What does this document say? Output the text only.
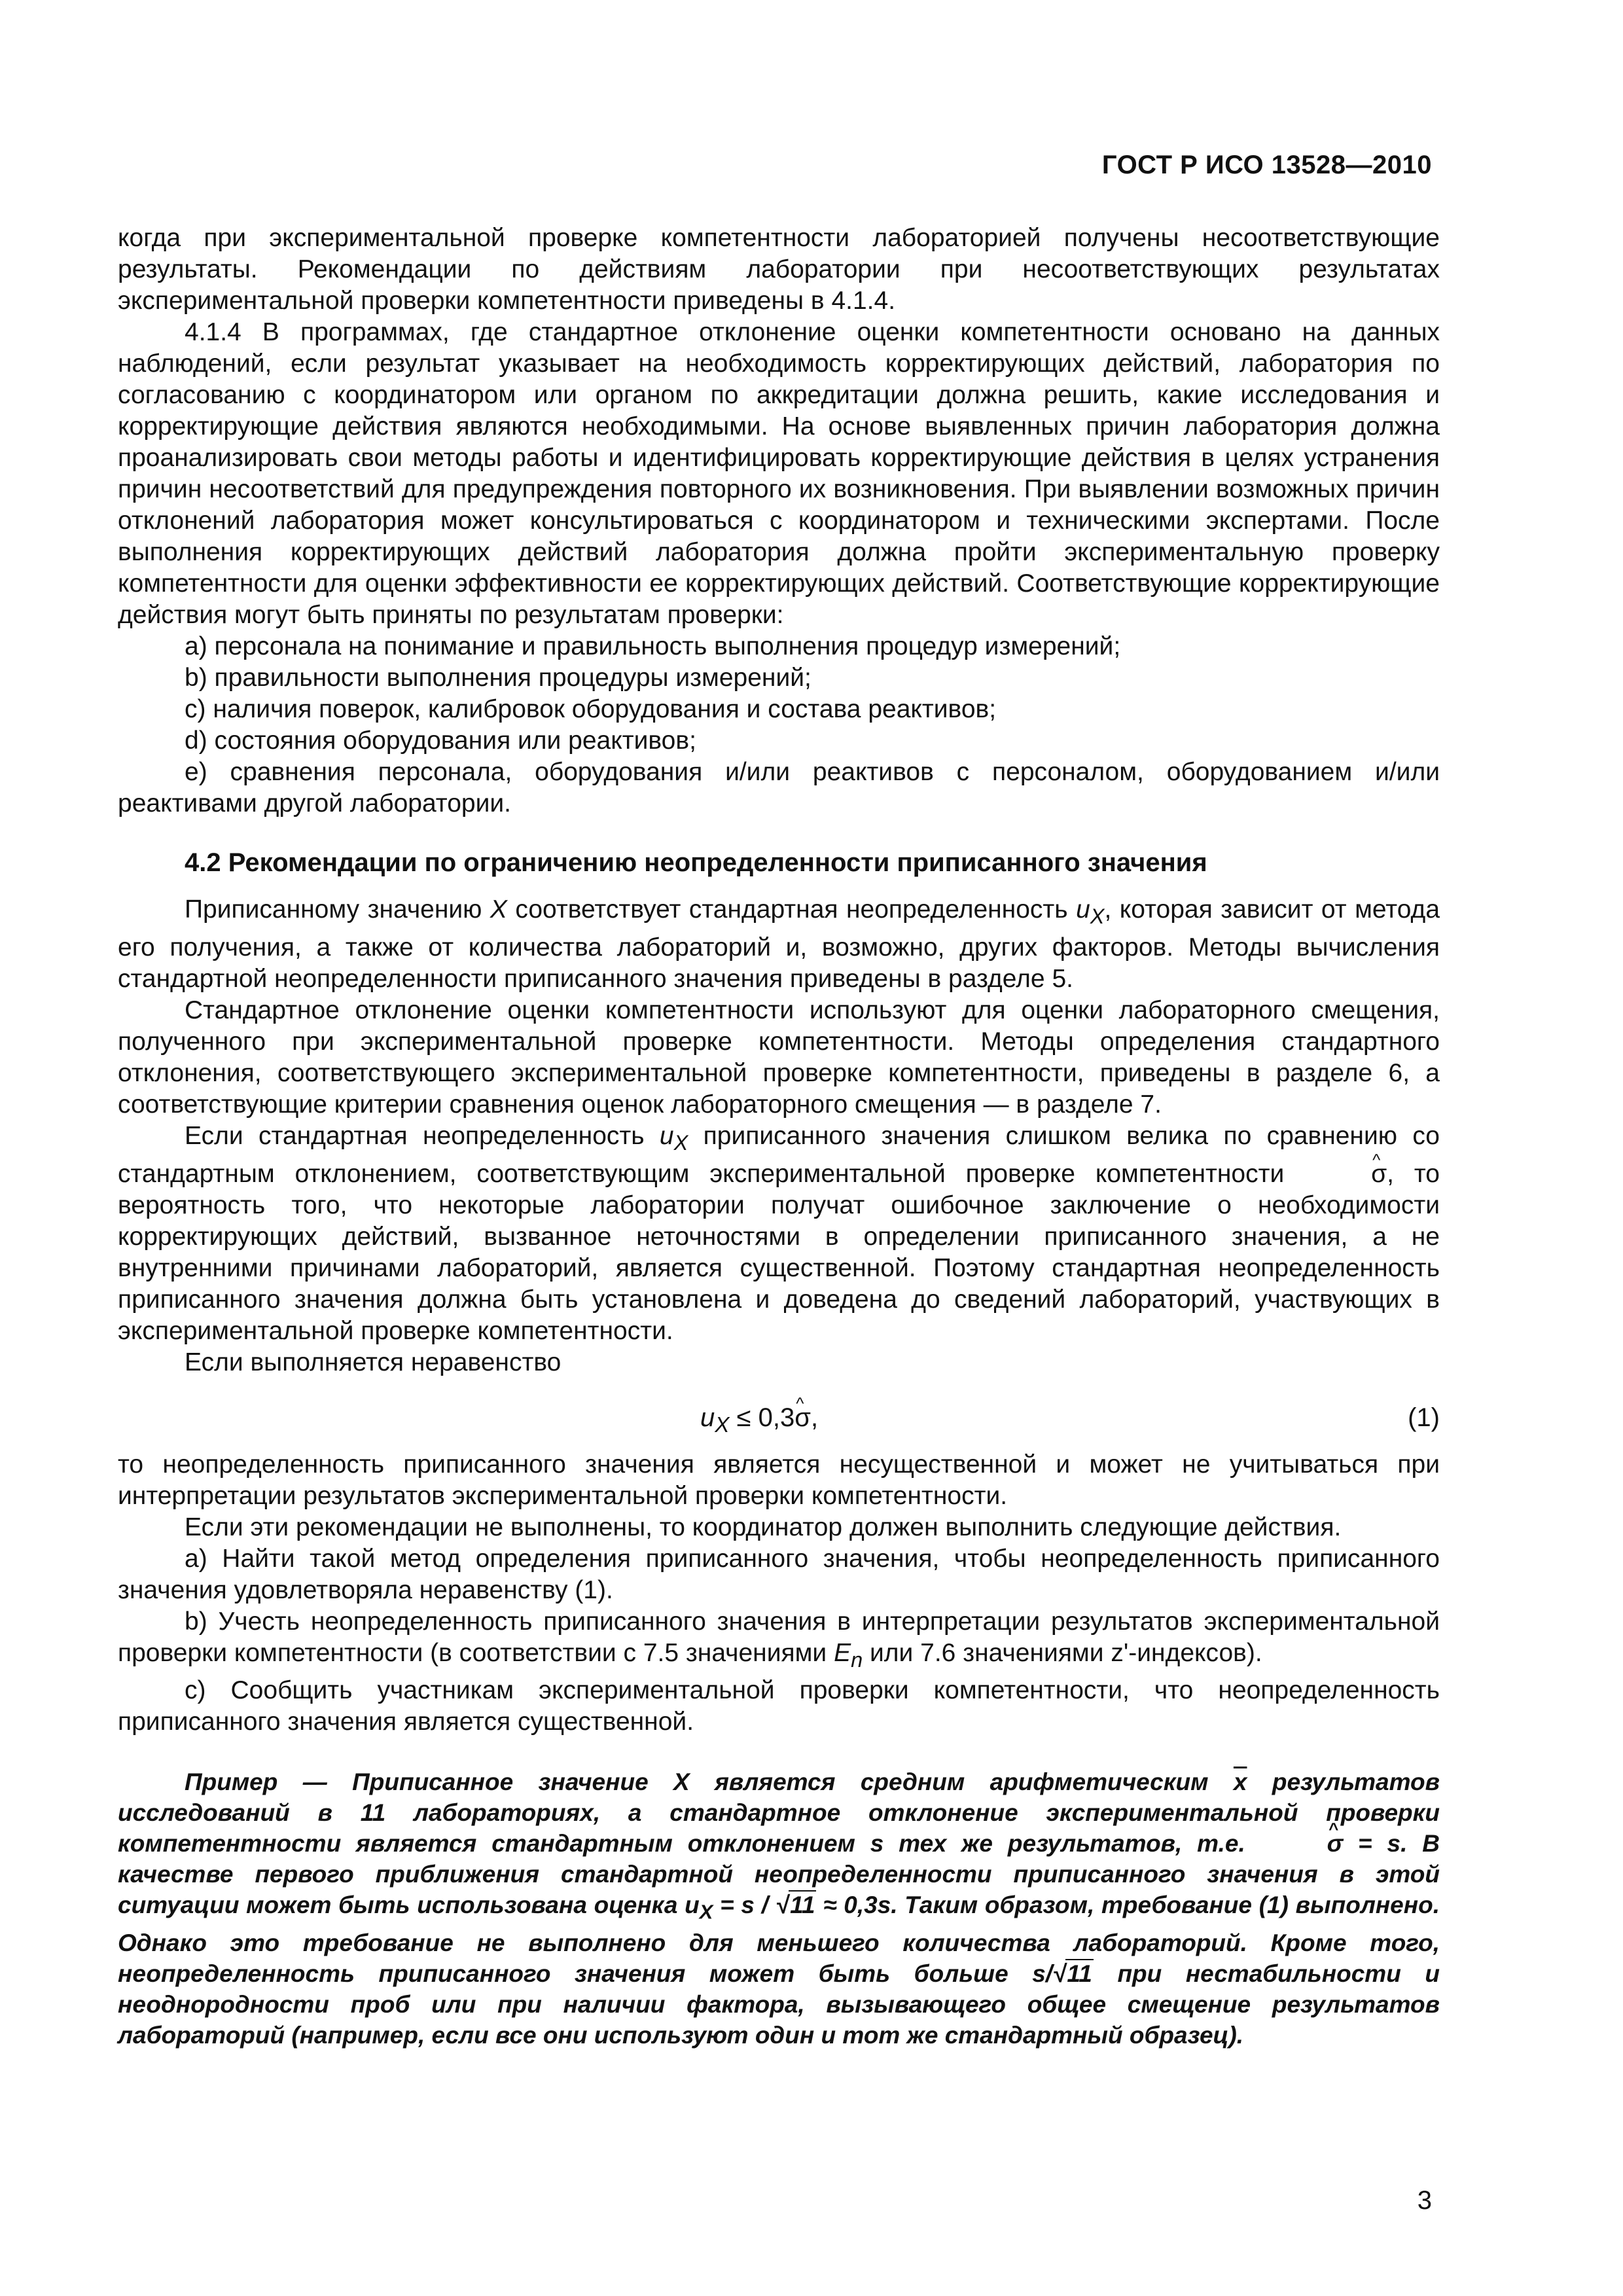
ГОСТ Р ИСО 13528—2010

когда при экспериментальной проверке компетентности лабораторией получены несоответствующие результаты. Рекомендации по действиям лаборатории при несоответствующих результатах экспериментальной проверки компетентности приведены в 4.1.4.

4.1.4 В программах, где стандартное отклонение оценки компетентности основано на данных наблюдений, если результат указывает на необходимость корректирующих действий, лаборатория по согласованию с координатором или органом по аккредитации должна решить, какие исследования и корректирующие действия являются необходимыми. На основе выявленных причин лаборатория должна проанализировать свои методы работы и идентифицировать корректирующие действия в целях устранения причин несоответствий для предупреждения повторного их возникновения. При выявлении возможных причин отклонений лаборатория может консультироваться с координатором и техническими экспертами. После выполнения корректирующих действий лаборатория должна пройти экспериментальную проверку компетентности для оценки эффективности ее корректирующих действий. Соответствующие корректирующие действия могут быть приняты по результатам проверки:

a) персонала на понимание и правильность выполнения процедур измерений;

b) правильности выполнения процедуры измерений;

c) наличия поверок, калибровок оборудования и состава реактивов;

d) состояния оборудования или реактивов;

e) сравнения персонала, оборудования и/или реактивов с персоналом, оборудованием и/или реактивами другой лаборатории.

4.2 Рекомендации по ограничению неопределенности приписанного значения

Приписанному значению X соответствует стандартная неопределенность $u_X$, которая зависит от метода его получения, а также от количества лабораторий и, возможно, других факторов. Методы вычисления стандартной неопределенности приписанного значения приведены в разделе 5.

Стандартное отклонение оценки компетентности используют для оценки лабораторного смещения, полученного при экспериментальной проверке компетентности. Методы определения стандартного отклонения, соответствующего экспериментальной проверке компетентности, приведены в разделе 6, а соответствующие критерии сравнения оценок лабораторного смещения — в разделе 7.

Если стандартная неопределенность $u_X$ приписанного значения слишком велика по сравнению со стандартным отклонением, соответствующим экспериментальной проверке компетентности	^ σ, то вероятность того, что некоторые лаборатории получат ошибочное заключение о необходимости корректирующих действий, вызванное неточностями в определении приписанного значения, а не внутренними причинами лабораторий, является существенной. Поэтому стандартная неопределенность приписанного значения должна быть установлена и доведена до сведений лабораторий, участвующих в экспериментальной проверке компетентности.

Если выполняется неравенство

$u_X$ ≤ 0,3^ σ,	(1)

то неопределенность приписанного значения является несущественной и может не учитываться при интерпретации результатов экспериментальной проверки компетентности.

Если эти рекомендации не выполнены, то координатор должен выполнить следующие действия.

a) Найти такой метод определения приписанного значения, чтобы неопределенность приписанного значения удовлетворяла неравенству (1).

b) Учесть неопределенность приписанного значения в интерпретации результатов экспериментальной проверки компетентности (в соответствии с 7.5 значениями $E_n$ или 7.6 значениями z'-индексов).

c) Сообщить участникам экспериментальной проверки компетентности, что неопределенность приписанного значения является существенной.

Пример — Приписанное значение X является средним арифметическим $\overline{x}$ результатов исследований в 11 лабораториях, а стандартное отклонение экспериментальной проверки компетентности является стандартным отклонением s тех же результатов, т.е.	^ σ = s. В качестве первого приближения стандартной неопределенности приписанного значения в этой ситуации может быть использована оценка $u_X = s / √11 \approx 0,3s$. Таким образом, требование (1) выполнено. Однако это требование не выполнено для меньшего количества лабораторий. Кроме того, неопределенность приписанного значения может быть больше s/√11 при нестабильности и неоднородности проб или при наличии фактора, вызывающего общее смещение результатов лабораторий (например, если все они используют один и тот же стандартный образец).

3
